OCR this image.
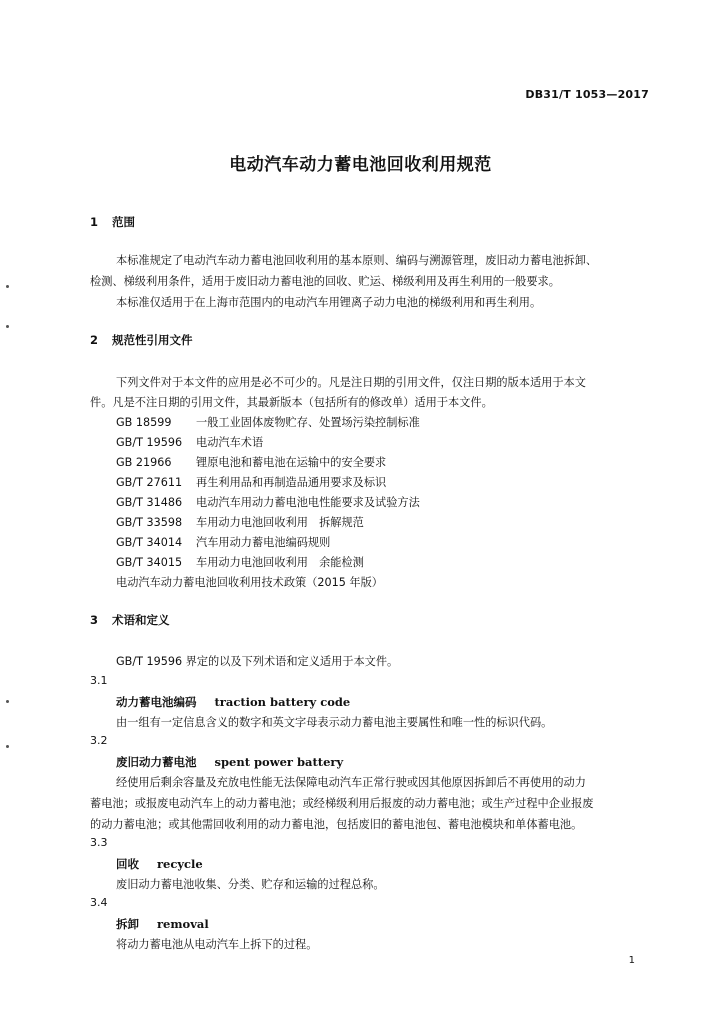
DB31/T 1053—2017
电动汽车动力蓄电池回收利用规范
1 范围
本标准规定了电动汽车动力蓄电池回收利用的基本原则、编码与溯源管理，废旧动力蓄电池拆卸、
检测、梯级利用条件，适用于废旧动力蓄电池的回收、贮运、梯级利用及再生利用的一般要求。
本标准仅适用于在上海市范围内的电动汽车用锂离子动力电池的梯级利用和再生利用。
2 规范性引用文件
下列文件对于本文件的应用是必不可少的。凡是注日期的引用文件，仅注日期的版本适用于本文
件。凡是不注日期的引用文件，其最新版本（包括所有的修改单）适用于本文件。
GB 18599 一般工业固体废物贮存、处置场污染控制标准
GB/T 19596 电动汽车术语
GB 21966 锂原电池和蓄电池在运输中的安全要求
GB/T 27611 再生利用品和再制造品通用要求及标识
GB/T 31486 电动汽车用动力蓄电池电性能要求及试验方法
GB/T 33598 车用动力电池回收利用　拆解规范
GB/T 34014 汽车用动力蓄电池编码规则
GB/T 34015 车用动力电池回收利用　余能检测
电动汽车动力蓄电池回收利用技术政策（2015 年版）
3 术语和定义
GB/T 19596 界定的以及下列术语和定义适用于本文件。
3.1
动力蓄电池编码 traction battery code
由一组有一定信息含义的数字和英文字母表示动力蓄电池主要属性和唯一性的标识代码。
3.2
废旧动力蓄电池 spent power battery
经使用后剩余容量及充放电性能无法保障电动汽车正常行驶或因其他原因拆卸后不再使用的动力
蓄电池；或报废电动汽车上的动力蓄电池；或经梯级利用后报废的动力蓄电池；或生产过程中企业报废
的动力蓄电池；或其他需回收利用的动力蓄电池，包括废旧的蓄电池包、蓄电池模块和单体蓄电池。
3.3
回收 recycle
废旧动力蓄电池收集、分类、贮存和运输的过程总称。
3.4
拆卸 removal
将动力蓄电池从电动汽车上拆下的过程。
1
